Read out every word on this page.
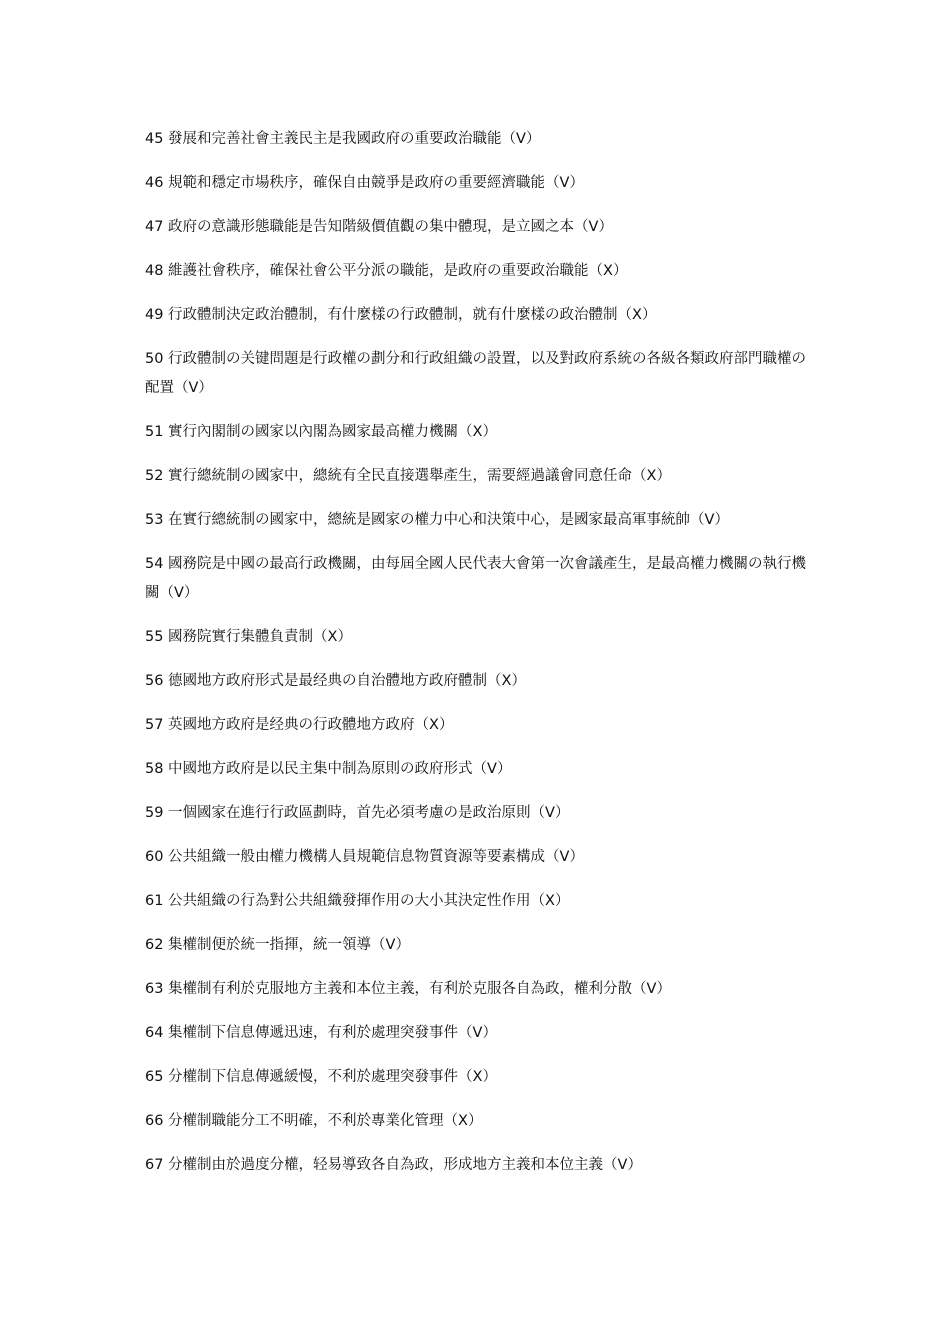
45 發展和完善社會主義民主是我國政府の重要政治職能（V）

46 規範和穩定市場秩序，確保自由競爭是政府の重要經濟職能（V）

47 政府の意識形態職能是告知階級價值觀の集中體現，是立國之本（V）

48 維護社會秩序，確保社會公平分派の職能，是政府の重要政治職能（X）

49 行政體制決定政治體制，有什麼樣の行政體制，就有什麼樣の政治體制（X）

50 行政體制の关键問題是行政權の劃分和行政組織の設置，以及對政府系統の各級各類政府部門職權の配置（V）

51 實行內閣制の國家以內閣為國家最高權力機關（X）

52 實行總統制の國家中，總統有全民直接選舉產生，需要經過議會同意任命（X）

53 在實行總統制の國家中，總統是國家の權力中心和決策中心，是國家最高軍事統帥（V）

54 國務院是中國の最高行政機關，由每屆全國人民代表大會第一次會議產生，是最高權力機關の執行機關（V）

55 國務院實行集體負責制（X）

56 德國地方政府形式是最经典の自治體地方政府體制（X）

57 英國地方政府是经典の行政體地方政府（X）

58 中國地方政府是以民主集中制為原則の政府形式（V）

59 一個國家在進行行政區劃時，首先必須考慮の是政治原則（V）

60 公共組織一般由權力機構人員規範信息物質資源等要素構成（V）

61 公共組織の行為對公共組織發揮作用の大小其決定性作用（X）

62 集權制便於統一指揮，統一領導（V）

63 集權制有利於克服地方主義和本位主義，有利於克服各自為政，權利分散（V）

64 集權制下信息傳遞迅速，有利於處理突發事件（V）

65 分權制下信息傳遞緩慢，不利於處理突發事件（X）

66 分權制職能分工不明確，不利於專業化管理（X）

67 分權制由於過度分權，轻易導致各自為政，形成地方主義和本位主義（V）
